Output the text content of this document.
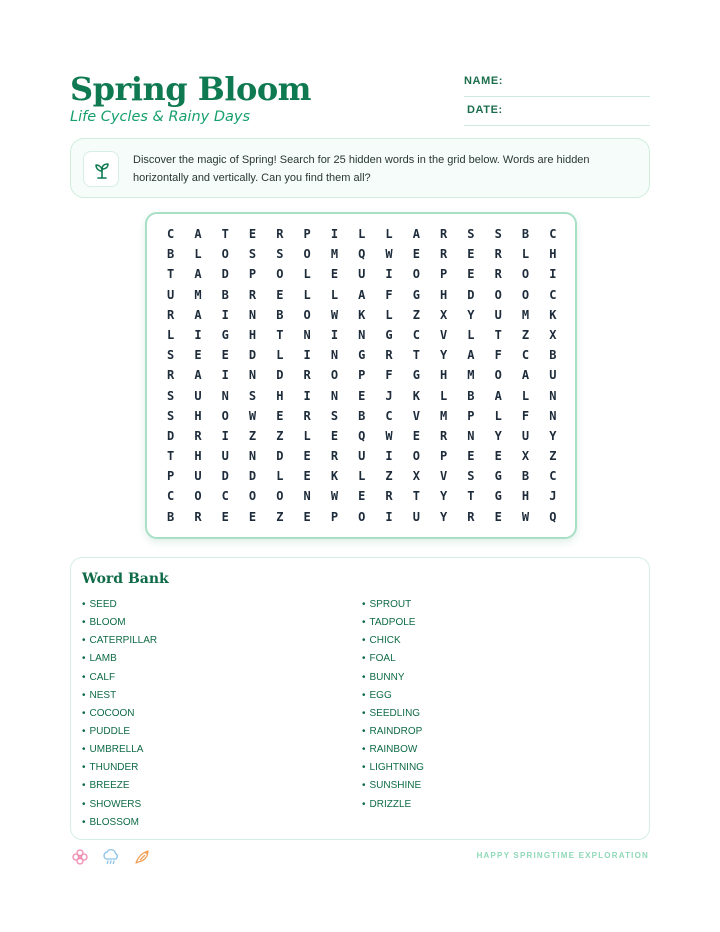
Spring Bloom
Life Cycles & Rainy Days
NAME:
DATE:
Discover the magic of Spring! Search for 25 hidden words in the grid below. Words are hidden horizontally and vertically. Can you find them all?
C	A	T	E	R	P	I	L	L	A	R	S	S	B	C
B	L	O	S	S	O	M	Q	W	E	R	E	R	L	H
T	A	D	P	O	L	E	U	I	O	P	E	R	O	I
U	M	B	R	E	L	L	A	F	G	H	D	O	O	C
R	A	I	N	B	O	W	K	L	Z	X	Y	U	M	K
L	I	G	H	T	N	I	N	G	C	V	L	T	Z	X
S	E	E	D	L	I	N	G	R	T	Y	A	F	C	B
R	A	I	N	D	R	O	P	F	G	H	M	O	A	U
S	U	N	S	H	I	N	E	J	K	L	B	A	L	N
S	H	O	W	E	R	S	B	C	V	M	P	L	F	N
D	R	I	Z	Z	L	E	Q	W	E	R	N	Y	U	Y
T	H	U	N	D	E	R	U	I	O	P	E	E	X	Z
P	U	D	D	L	E	K	L	Z	X	V	S	G	B	C
C	O	C	O	O	N	W	E	R	T	Y	T	G	H	J
B	R	E	E	Z	E	P	O	I	U	Y	R	E	W	Q
Word Bank
• SEED
• BLOOM
• CATERPILLAR
• LAMB
• CALF
• NEST
• COCOON
• PUDDLE
• UMBRELLA
• THUNDER
• BREEZE
• SHOWERS
• BLOSSOM
• SPROUT
• TADPOLE
• CHICK
• FOAL
• BUNNY
• EGG
• SEEDLING
• RAINDROP
• RAINBOW
• LIGHTNING
• SUNSHINE
• DRIZZLE
HAPPY SPRINGTIME EXPLORATION
